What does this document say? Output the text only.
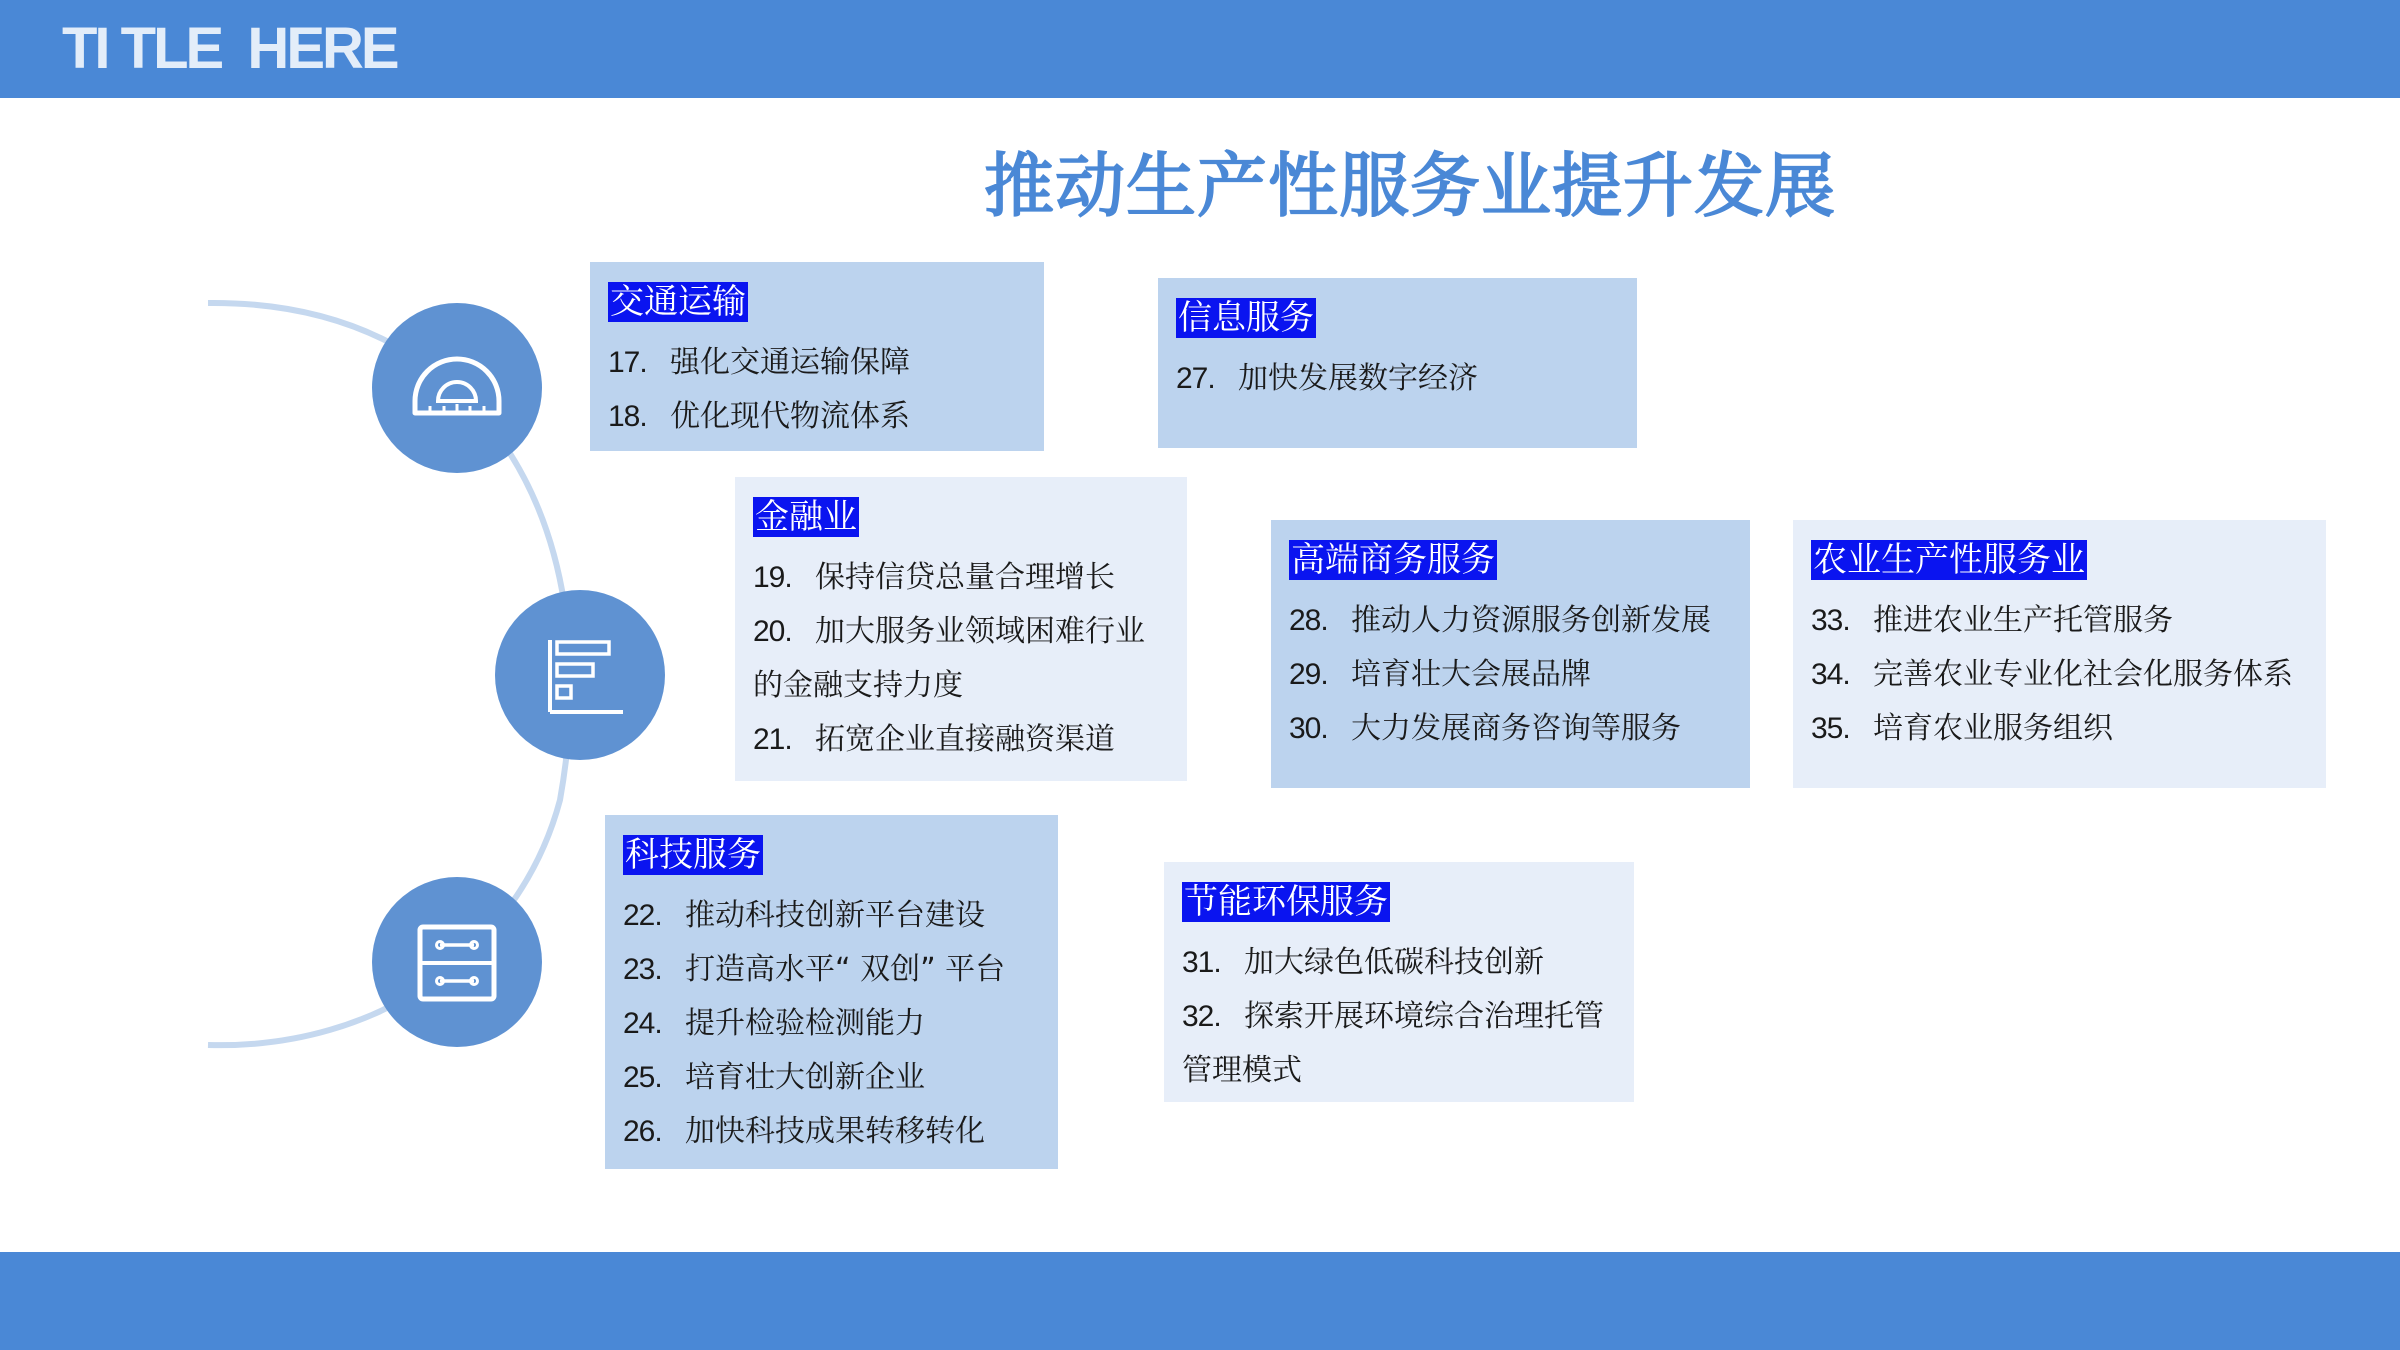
TI TLE  HERE
推动生产性服务业提升发展
交通运输
17. 强化交通运输保障
18. 优化现代物流体系
信息服务
27. 加快发展数字经济
金融业
19. 保持信贷总量合理增长
20. 加大服务业领域困难行业
的金融支持力度
21. 拓宽企业直接融资渠道
高端商务服务
28. 推动人力资源服务创新发展
29. 培育壮大会展品牌
30. 大力发展商务咨询等服务
农业生产性服务业
33. 推进农业生产托管服务
34. 完善农业专业化社会化服务体系
35. 培育农业服务组织
科技服务
22. 推动科技创新平台建设
23. 打造高水平“ 双创” 平台
24. 提升检验检测能力
25. 培育壮大创新企业
26. 加快科技成果转移转化
节能环保服务
31. 加大绿色低碳科技创新
32. 探索开展环境综合治理托管
管理模式
